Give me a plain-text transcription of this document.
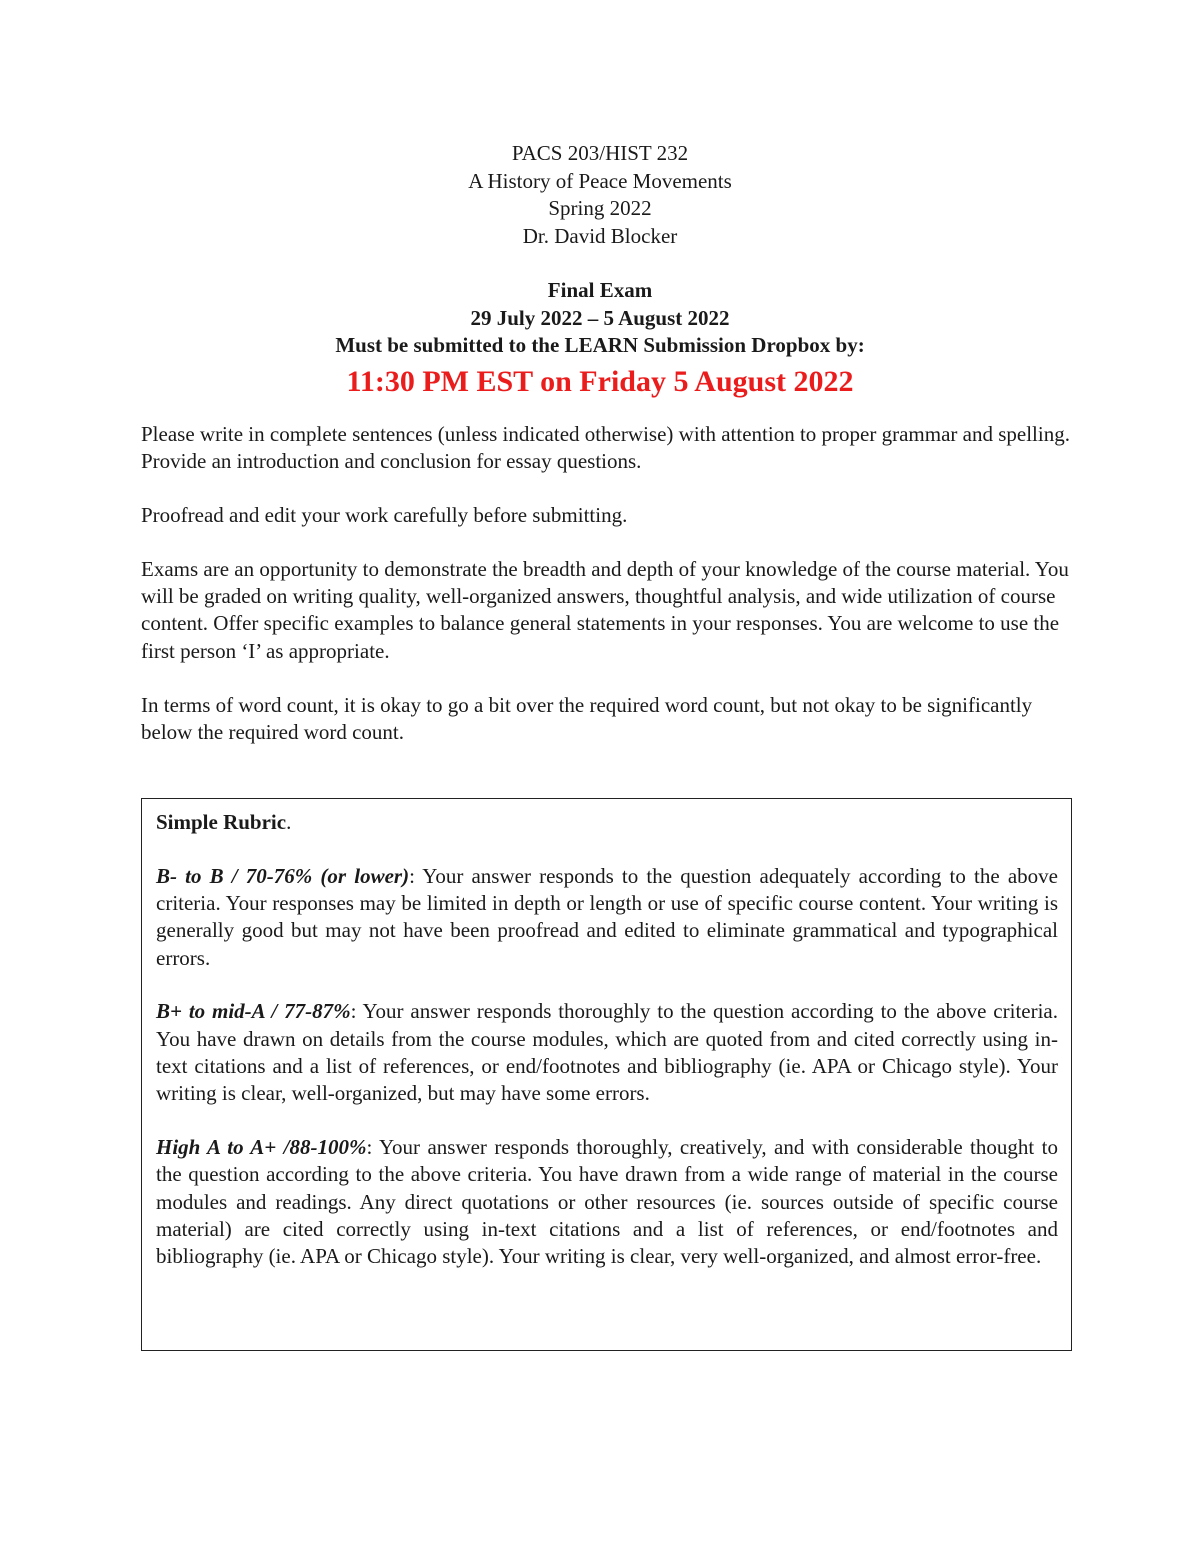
PACS 203/HIST 232
A History of Peace Movements
Spring 2022
Dr. David Blocker
Final Exam
29 July 2022 – 5 August 2022
Must be submitted to the LEARN Submission Dropbox by:
11:30 PM EST on Friday 5 August 2022

Please write in complete sentences (unless indicated otherwise) with attention to proper grammar and spelling. Provide an introduction and conclusion for essay questions.

Proofread and edit your work carefully before submitting.

Exams are an opportunity to demonstrate the breadth and depth of your knowledge of the course material. You will be graded on writing quality, well-organized answers, thoughtful analysis, and wide utilization of course content. Offer specific examples to balance general statements in your responses. You are welcome to use the first person ‘I’ as appropriate.

In terms of word count, it is okay to go a bit over the required word count, but not okay to be significantly below the required word count.

Simple Rubric.

B- to B / 70-76% (or lower): Your answer responds to the question adequately according to the above criteria. Your responses may be limited in depth or length or use of specific course content. Your writing is generally good but may not have been proofread and edited to eliminate grammatical and typographical errors.

B+ to mid-A / 77-87%: Your answer responds thoroughly to the question according to the above criteria. You have drawn on details from the course modules, which are quoted from and cited correctly using in-text citations and a list of references, or end/footnotes and bibliography (ie. APA or Chicago style). Your writing is clear, well-organized, but may have some errors.

High A to A+ /88-100%: Your answer responds thoroughly, creatively, and with considerable thought to the question according to the above criteria. You have drawn from a wide range of material in the course modules and readings. Any direct quotations or other resources (ie. sources outside of specific course material) are cited correctly using in-text citations and a list of references, or end/footnotes and bibliography (ie. APA or Chicago style). Your writing is clear, very well-organized, and almost error-free.
